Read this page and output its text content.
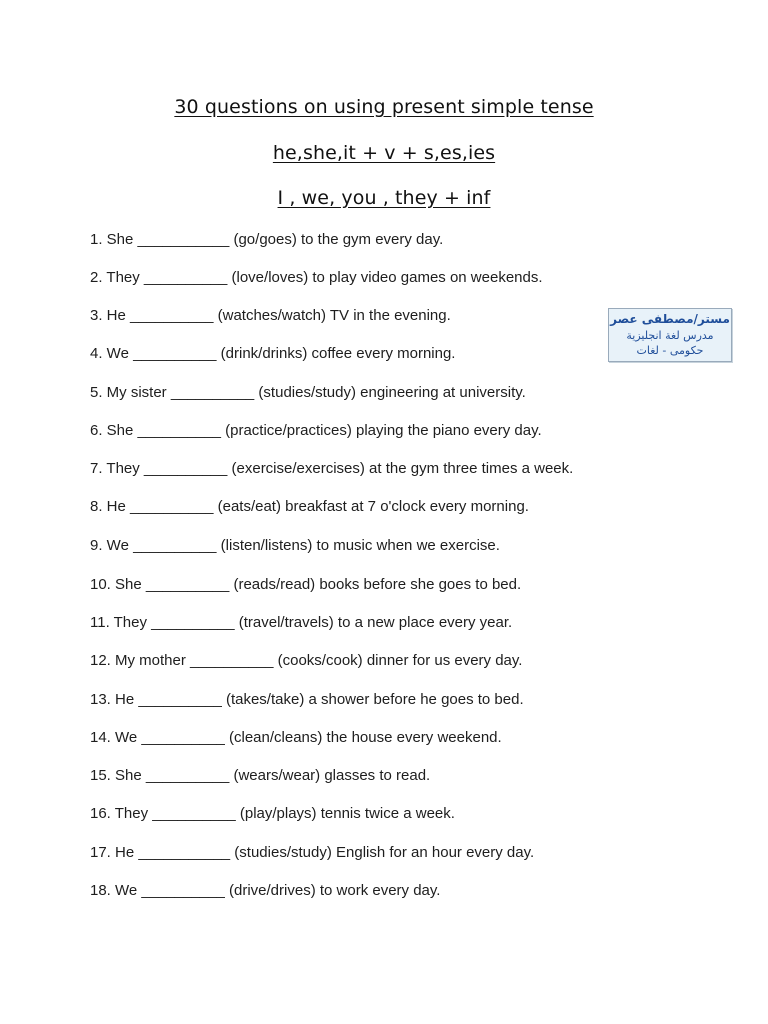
30 questions on using present simple tense
he,she,it + v + s,es,ies
I , we, you , they + inf
مستر/مصطفى عصر
مدرس لغة انجليزية
حكومى - لغات
1. She ___________ (go/goes) to the gym every day.
2. They __________ (love/loves) to play video games on weekends.
3. He __________ (watches/watch) TV in the evening.
4. We __________ (drink/drinks) coffee every morning.
5. My sister __________ (studies/study) engineering at university.
6. She __________ (practice/practices) playing the piano every day.
7. They __________ (exercise/exercises) at the gym three times a week.
8. He __________ (eats/eat) breakfast at 7 o'clock every morning.
9. We __________ (listen/listens) to music when we exercise.
10. She __________ (reads/read) books before she goes to bed.
11. They __________ (travel/travels) to a new place every year.
12. My mother __________ (cooks/cook) dinner for us every day.
13. He __________ (takes/take) a shower before he goes to bed.
14. We __________ (clean/cleans) the house every weekend.
15. She __________ (wears/wear) glasses to read.
16. They __________ (play/plays) tennis twice a week.
17. He ___________ (studies/study) English for an hour every day.
18. We __________ (drive/drives) to work every day.
